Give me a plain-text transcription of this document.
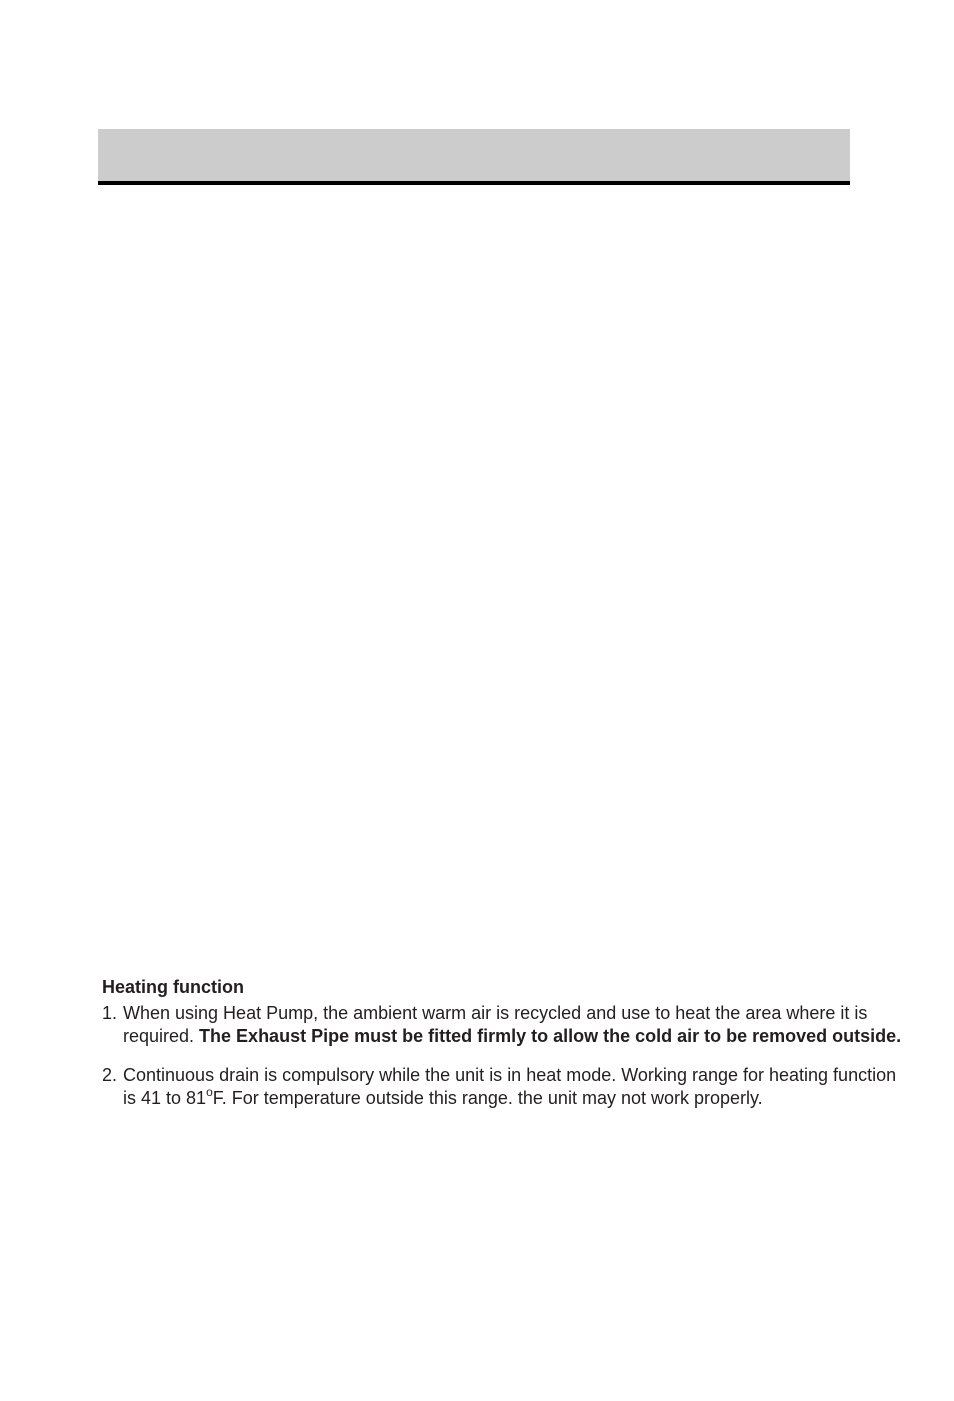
Heating function
1. When using Heat Pump, the ambient warm air is recycled and use to heat the area where it is required. The Exhaust Pipe must be fitted firmly to allow the cold air to be removed outside.
2. Continuous drain is compulsory while the unit is in heat mode. Working range for heating function is 41 to 81$^o$F. For temperature outside this range. the unit may not work properly.
